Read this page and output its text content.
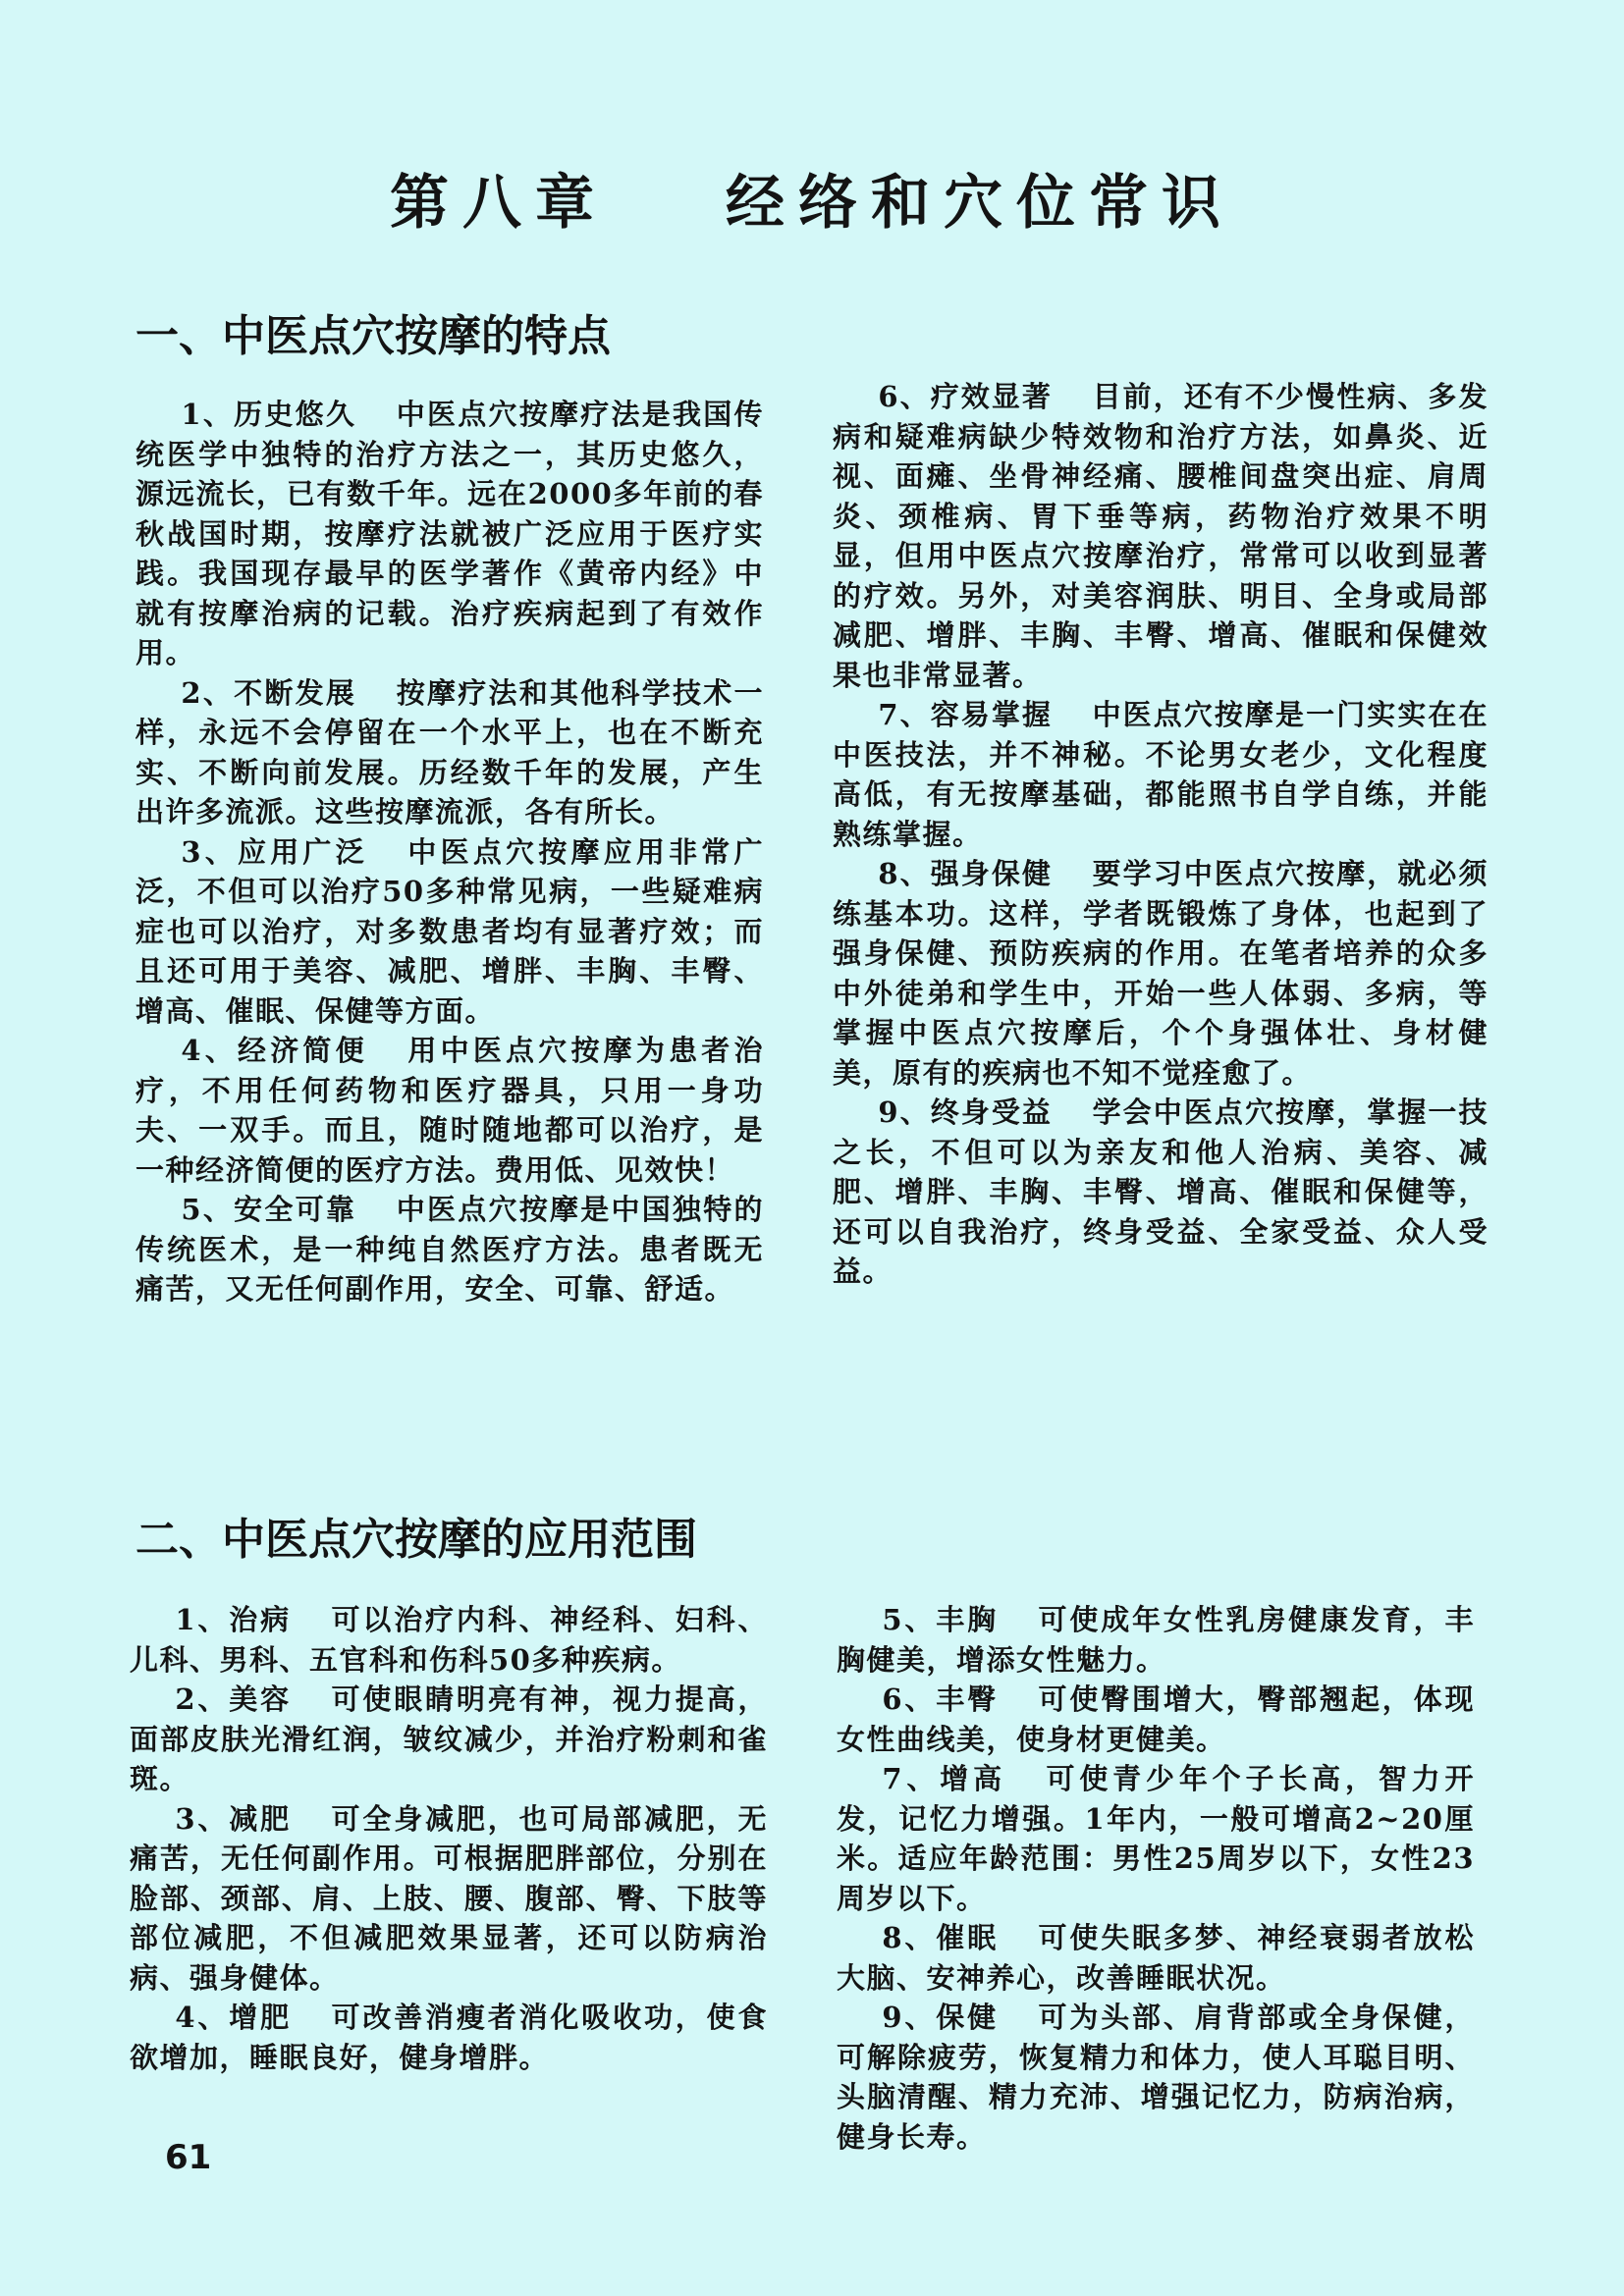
第八章 经络和穴位常识
一、中医点穴按摩的特点

1、历史悠久 中医点穴按摩疗法是我国传统医学中独特的治疗方法之一，其历史悠久，源远流长，已有数千年。远在2000多年前的春秋战国时期，按摩疗法就被广泛应用于医疗实践。我国现存最早的医学著作《黄帝内经》中就有按摩治病的记载。治疗疾病起到了有效作用。

2、不断发展 按摩疗法和其他科学技术一样，永远不会停留在一个水平上，也在不断充实、不断向前发展。历经数千年的发展，产生出许多流派。这些按摩流派，各有所长。

3、应用广泛 中医点穴按摩应用非常广泛，不但可以治疗50多种常见病，一些疑难病症也可以治疗，对多数患者均有显著疗效；而且还可用于美容、减肥、增胖、丰胸、丰臀、增高、催眠、保健等方面。

4、经济简便 用中医点穴按摩为患者治疗，不用任何药物和医疗器具，只用一身功夫、一双手。而且，随时随地都可以治疗，是一种经济简便的医疗方法。费用低、见效快！

5、安全可靠 中医点穴按摩是中国独特的传统医术，是一种纯自然医疗方法。患者既无痛苦，又无任何副作用，安全、可靠、舒适。

6、疗效显著 目前，还有不少慢性病、多发病和疑难病缺少特效物和治疗方法，如鼻炎、近视、面瘫、坐骨神经痛、腰椎间盘突出症、肩周炎、颈椎病、胃下垂等病，药物治疗效果不明显，但用中医点穴按摩治疗，常常可以收到显著的疗效。另外，对美容润肤、明目、全身或局部减肥、增胖、丰胸、丰臀、增高、催眠和保健效果也非常显著。

7、容易掌握 中医点穴按摩是一门实实在在中医技法，并不神秘。不论男女老少，文化程度高低，有无按摩基础，都能照书自学自练，并能熟练掌握。

8、强身保健 要学习中医点穴按摩，就必须练基本功。这样，学者既锻炼了身体，也起到了强身保健、预防疾病的作用。在笔者培养的众多中外徒弟和学生中，开始一些人体弱、多病，等掌握中医点穴按摩后，个个身强体壮、身材健美，原有的疾病也不知不觉痊愈了。

9、终身受益 学会中医点穴按摩，掌握一技之长，不但可以为亲友和他人治病、美容、减肥、增胖、丰胸、丰臀、增高、催眠和保健等，还可以自我治疗，终身受益、全家受益、众人受益。

二、中医点穴按摩的应用范围

1、治病 可以治疗内科、神经科、妇科、儿科、男科、五官科和伤科50多种疾病。

2、美容 可使眼睛明亮有神，视力提高，面部皮肤光滑红润，皱纹减少，并治疗粉刺和雀斑。

3、减肥 可全身减肥，也可局部减肥，无痛苦，无任何副作用。可根据肥胖部位，分别在脸部、颈部、肩、上肢、腰、腹部、臀、下肢等部位减肥，不但减肥效果显著，还可以防病治病、强身健体。

4、增肥 可改善消瘦者消化吸收功，使食欲增加，睡眠良好，健身增胖。

5、丰胸 可使成年女性乳房健康发育，丰胸健美，增添女性魅力。

6、丰臀 可使臀围增大，臀部翘起，体现女性曲线美，使身材更健美。

7、增高 可使青少年个子长高，智力开发，记忆力增强。1年内，一般可增高2~20厘米。适应年龄范围：男性25周岁以下，女性23周岁以下。

8、催眠 可使失眠多梦、神经衰弱者放松大脑、安神养心，改善睡眠状况。

9、保健 可为头部、肩背部或全身保健，可解除疲劳，恢复精力和体力，使人耳聪目明、头脑清醒、精力充沛、增强记忆力，防病治病，健身长寿。

61
